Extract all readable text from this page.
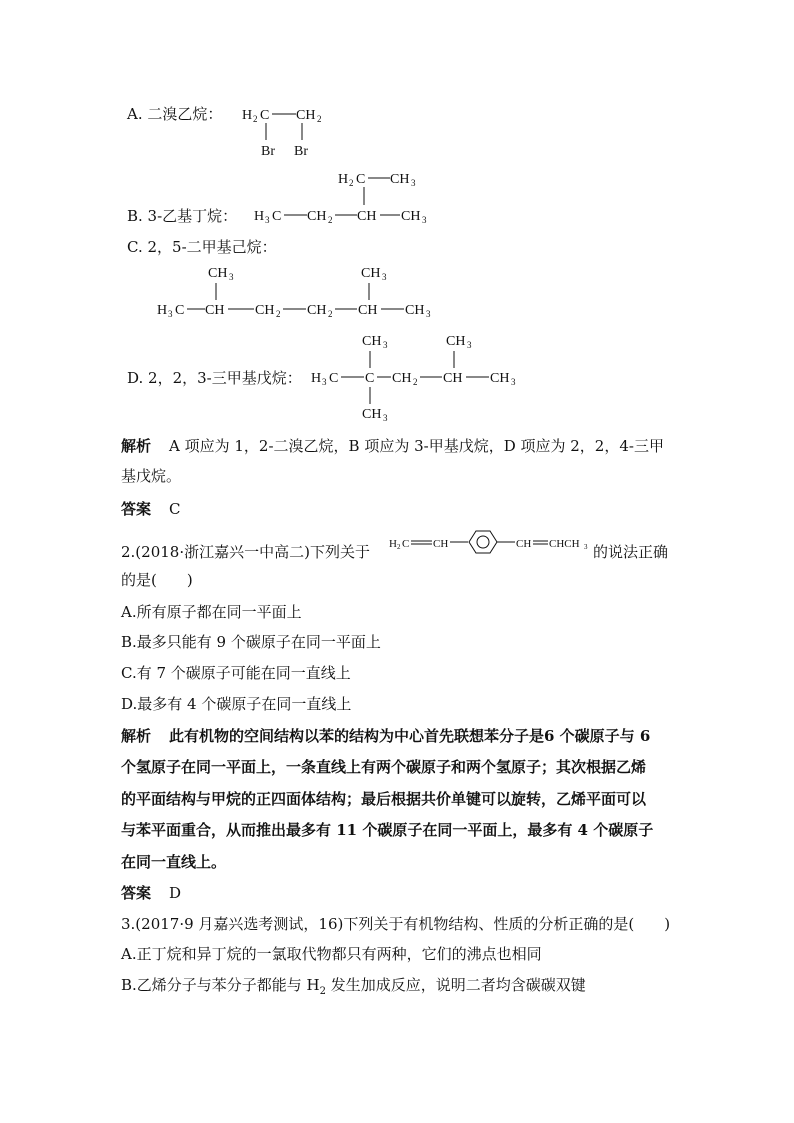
A. 二溴乙烷： H 2 C CH 2
Br Br
H 2 C CH 3
H 3 C CH 2 CH CH 3
CH 3	CH 3
H 3 C CH CH 2 CH 2 CH CH 3
CH 3	CH 3
H 3 C C CH 2 CH CH 3
CH 3
H 2 C CH	CH CHCH 3
B. 3-乙基丁烷：
C. 2，5-二甲基己烷：
D. 2，2，3-三甲基戊烷：
解析 A 项应为 1，2-二溴乙烷，B 项应为 3-甲基戊烷，D 项应为 2，2，4-三甲
基戊烷。
答案 C
2.(2018·浙江嘉兴一中高二)下列关于	的说法正确
的是(　　)
A.所有原子都在同一平面上
B.最多只能有 9 个碳原子在同一平面上
C.有 7 个碳原子可能在同一直线上
D.最多有 4 个碳原子在同一直线上
解析 此有机物的空间结构以苯的结构为中心首先联想苯分子是6 个碳原子与 6
个氢原子在同一平面上，一条直线上有两个碳原子和两个氢原子；其次根据乙烯
的平面结构与甲烷的正四面体结构；最后根据共价单键可以旋转，乙烯平面可以
与苯平面重合，从而推出最多有 11 个碳原子在同一平面上，最多有 4 个碳原子
在同一直线上。
答案 D
3.(2017·9 月嘉兴选考测试，16)下列关于有机物结构、性质的分析正确的是(　　)
A.正丁烷和异丁烷的一氯取代物都只有两种，它们的沸点也相同
B.乙烯分子与苯分子都能与 $H_2$ 发生加成反应，说明二者均含碳碳双键
